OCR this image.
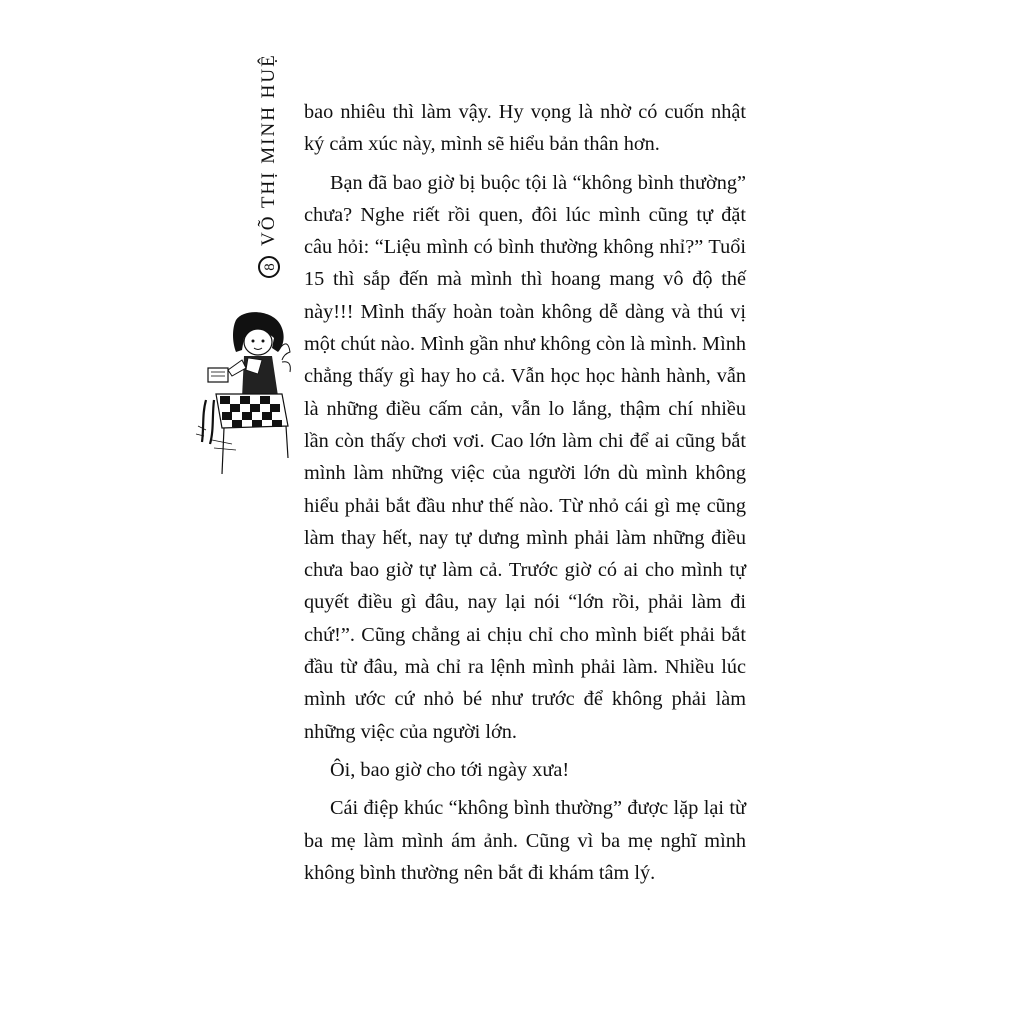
8
VÕ THỊ MINH HUỆ bao nhiêu thì làm vậy. Hy vọng là nhờ có cuốn nhật ký cảm xúc này, mình sẽ hiểu bản thân hơn.

Bạn đã bao giờ bị buộc tội là “không bình thường” chưa? Nghe riết rồi quen, đôi lúc mình cũng tự đặt câu hỏi: “Liệu mình có bình thường không nhỉ?” Tuổi 15 thì sắp đến mà mình thì hoang mang vô độ thế này!!! Mình thấy hoàn toàn không dễ dàng và thú vị một chút nào. Mình gần như không còn là mình. Mình chẳng thấy gì hay ho cả. Vẫn học học hành hành, vẫn là những điều cấm cản, vẫn lo lắng, thậm chí nhiều lần còn thấy chơi vơi. Cao lớn làm chi để ai cũng bắt mình làm những việc của người lớn dù mình không hiểu phải bắt đầu như thế nào. Từ nhỏ cái gì mẹ cũng làm thay hết, nay tự dưng mình phải làm những điều chưa bao giờ tự làm cả. Trước giờ có ai cho mình tự quyết điều gì đâu, nay lại nói “lớn rồi, phải làm đi chứ!”. Cũng chẳng ai chịu chỉ cho mình biết phải bắt đầu từ đâu, mà chỉ ra lệnh mình phải làm. Nhiều lúc mình ước cứ nhỏ bé như trước để không phải làm những việc của người lớn.

Ôi, bao giờ cho tới ngày xưa!

Cái điệp khúc “không bình thường” được lặp lại từ ba mẹ làm mình ám ảnh. Cũng vì ba mẹ nghĩ mình không bình thường nên bắt đi khám tâm lý.
